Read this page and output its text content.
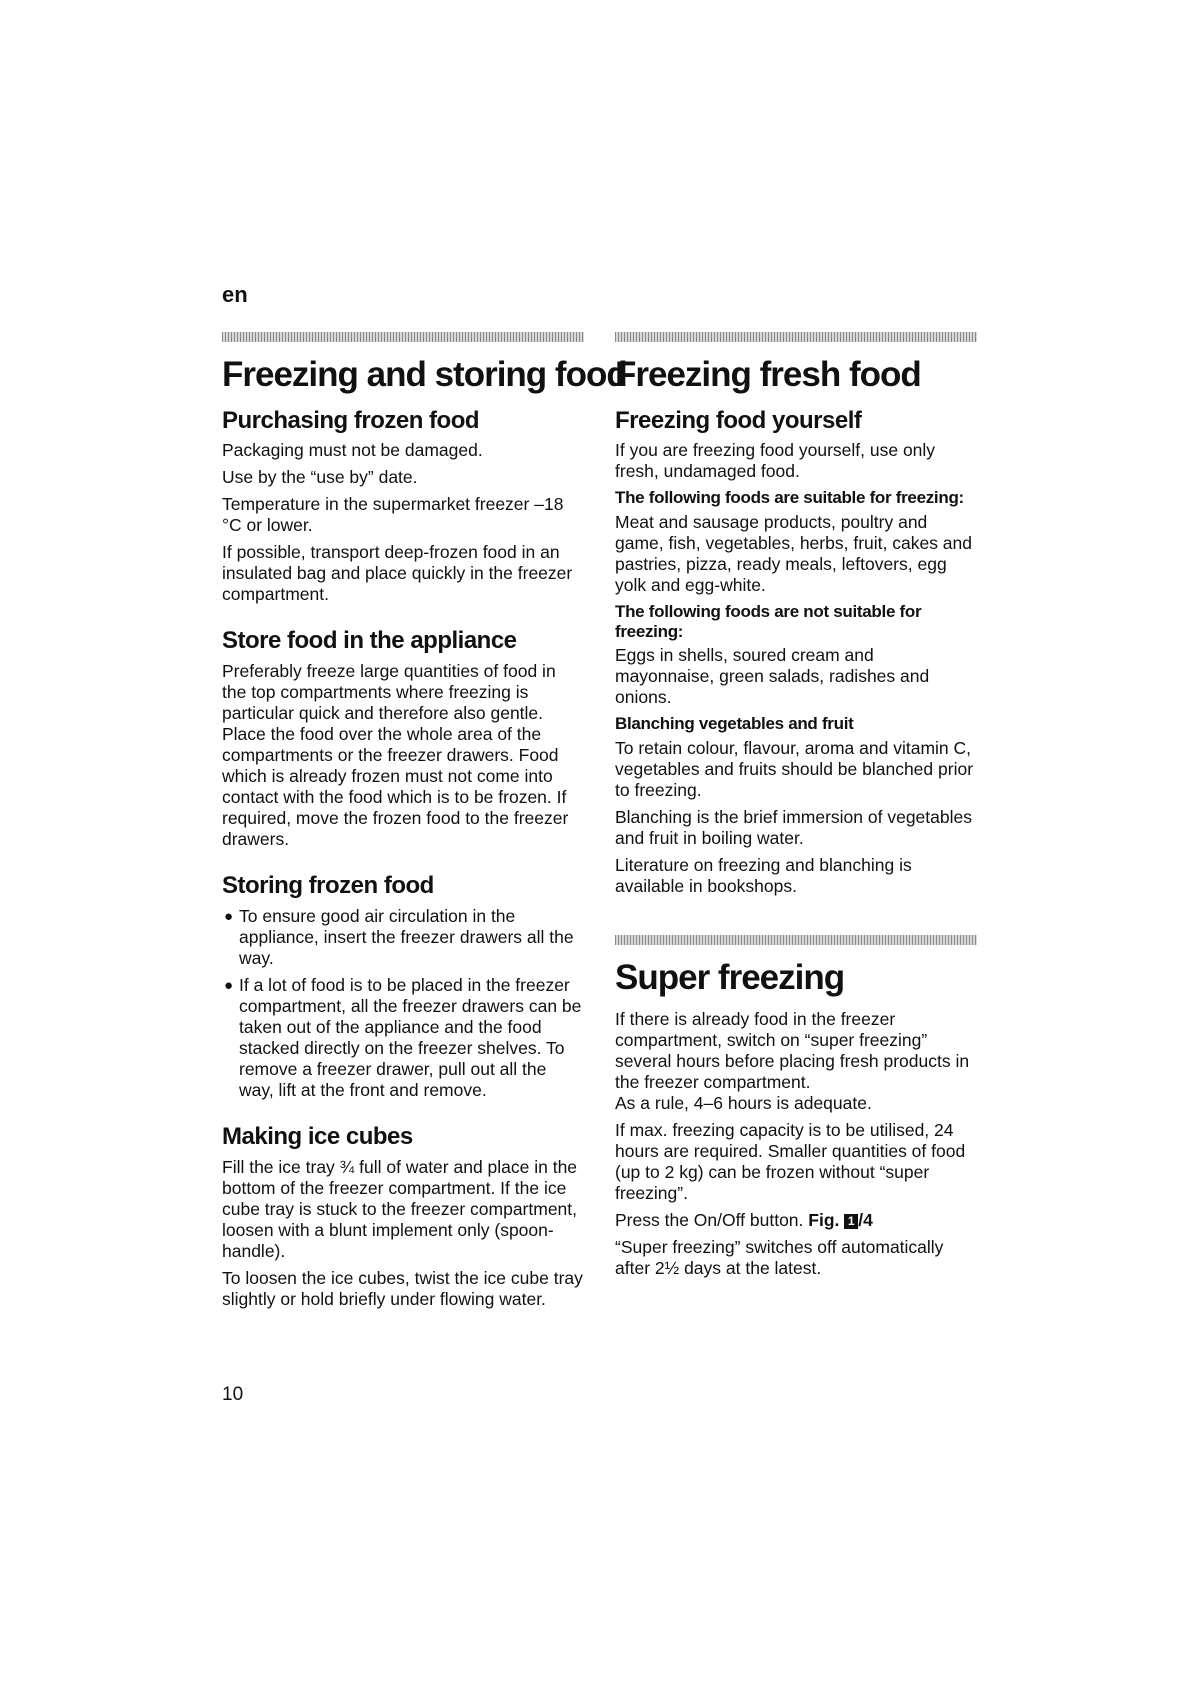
en
Freezing and storing food
Purchasing frozen food

Packaging must not be damaged.

Use by the “use by” date.

Temperature in the supermarket freezer –18 °C or lower.

If possible, transport deep-frozen food in an insulated bag and place quickly in the freezer compartment.

Store food in the appliance

Preferably freeze large quantities of food in the top compartments where freezing is particular quick and therefore also gentle. Place the food over the whole area of the compartments or the freezer drawers. Food which is already frozen must not come into contact with the food which is to be frozen. If required, move the frozen food to the freezer drawers.

Storing frozen food
● To ensure good air circulation in the appliance, insert the freezer drawers all the way.
● If a lot of food is to be placed in the freezer compartment, all the freezer drawers can be taken out of the appliance and the food stacked directly on the freezer shelves. To remove a freezer drawer, pull out all the way, lift at the front and remove.
Making ice cubes

Fill the ice tray ¾ full of water and place in the bottom of the freezer compartment. If the ice cube tray is stuck to the freezer compartment, loosen with a blunt implement only (spoon-handle).

To loosen the ice cubes, twist the ice cube tray slightly or hold briefly under flowing water.

Freezing fresh food
Freezing food yourself

If you are freezing food yourself, use only fresh, undamaged food.

The following foods are suitable for freezing:

Meat and sausage products, poultry and game, fish, vegetables, herbs, fruit, cakes and pastries, pizza, ready meals, leftovers, egg yolk and egg-white.

The following foods are not suitable for freezing:

Eggs in shells, soured cream and mayonnaise, green salads, radishes and onions.

Blanching vegetables and fruit

To retain colour, flavour, aroma and vitamin C, vegetables and fruits should be blanched prior to freezing.

Blanching is the brief immersion of vegetables and fruit in boiling water.

Literature on freezing and blanching is available in bookshops.

Super freezing

If there is already food in the freezer compartment, switch on “super freezing” several hours before placing fresh products in the freezer compartment.

As a rule, 4–6 hours is adequate.

If max. freezing capacity is to be utilised, 24 hours are required. Smaller quantities of food (up to 2 kg) can be frozen without “super freezing”.

Press the On/Off button. Fig. 1 /4

“Super freezing” switches off automatically after 2½ days at the latest.

10
